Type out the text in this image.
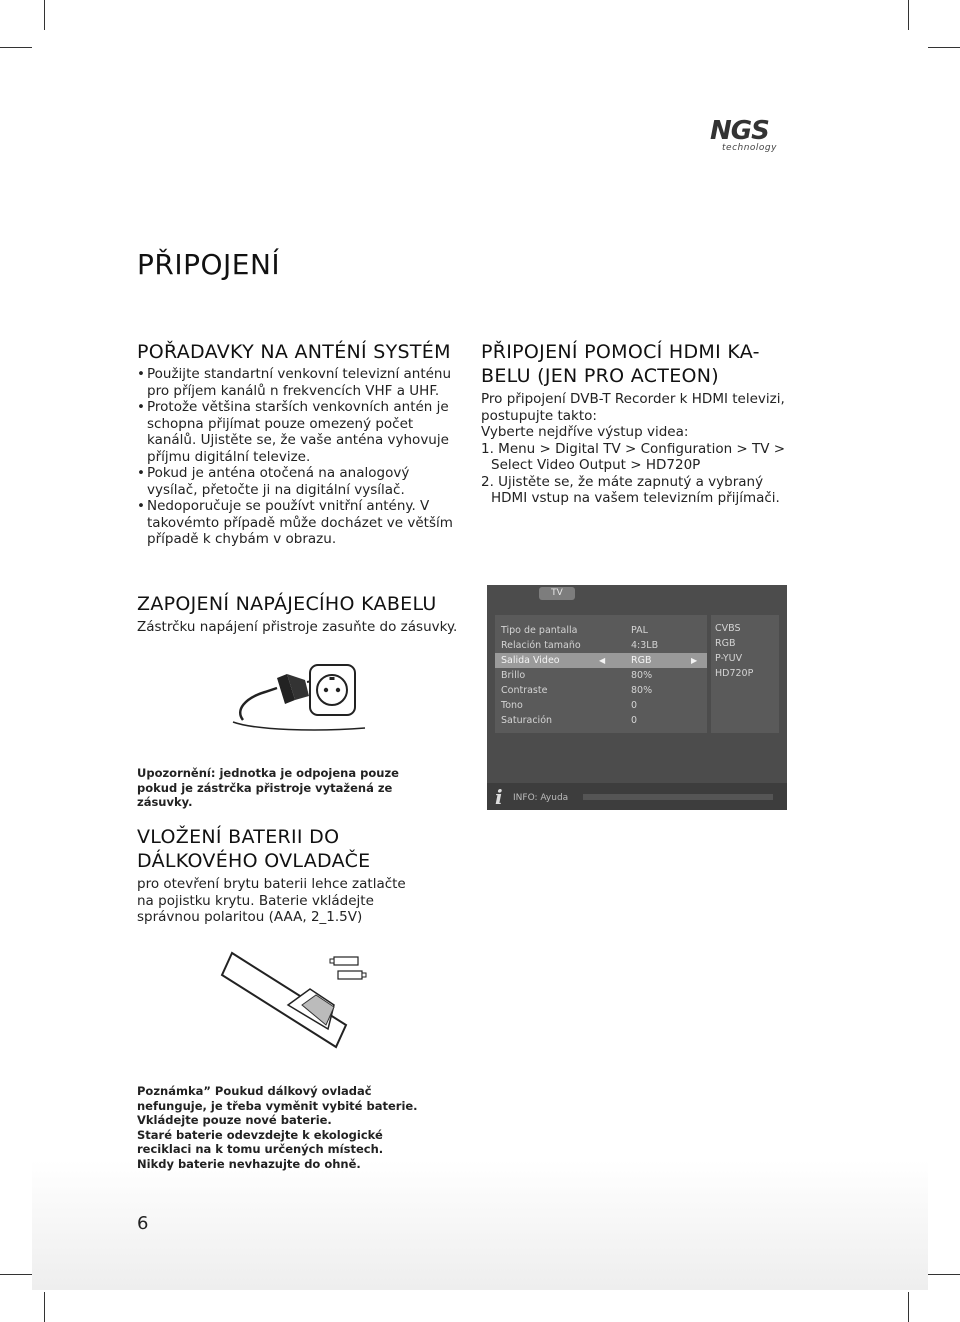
NGS
technology
PŘIPOJENÍ
POŘADAVKY NA ANTÉNÍ SYSTÉM
• Použijte standartní venkovní televizní anténu pro příjem kanálů n frekvencích VHF a UHF.
• Protože většina starších venkovních antén je schopna přijímat pouze omezený počet kanálů. Ujistěte se, že vaše anténa vyhovuje příjmu digitální televize.
• Pokud je anténa otočená na analogový vysílač, přetočte ji na digitální vysílač.
• Nedoporučuje se používt vnitřní antény. V takovémto případě může docházet ve větším případě k chybám v obrazu.
PŘIPOJENÍ POMOCÍ HDMI KA-
BELU (JEN PRO ACTEON)
Pro připojení DVB-T Recorder k HDMI televizi, postupujte takto:
Vyberte nejdříve výstup videa:
1. Menu > Digital TV > Configuration > TV > Select Video Output > HD720P
2. Ujistěte se, že máte zapnutý a vybraný HDMI vstup na vašem televizním přijímači.
ZAPOJENÍ NAPÁJECÍHO KABELU
Zástrčku napájení přistroje zasuňte do zásuvky.
Upozornění: jednotka je odpojena pouze pokud je zástrčka přistroje vytažená ze zásuvky.
TV
Tipo de pantalla	PAL
Relación tamaño	4:3LB
Salida Video	◀	RGB	▶
Brillo	80%
Contraste	80%
Tono	0
Saturación	0
CVBS
RGB
P-YUV
HD720P
i INFO: Ayuda
VLOŽENÍ BATERII DO
DÁLKOVÉHO OVLADAČE
pro otevření brytu baterii lehce zatlačte na pojistku krytu. Baterie vkládejte správnou polaritou (AAA, 2_1.5V)
Poznámka” Poukud dálkový ovladač nefunguje, je třeba vyměnit vybité baterie.
Vkládejte pouze nové baterie.
Staré baterie odevzdejte k ekologické reciklaci na k tomu určených místech.
Nikdy baterie nevhazujte do ohně.
6
